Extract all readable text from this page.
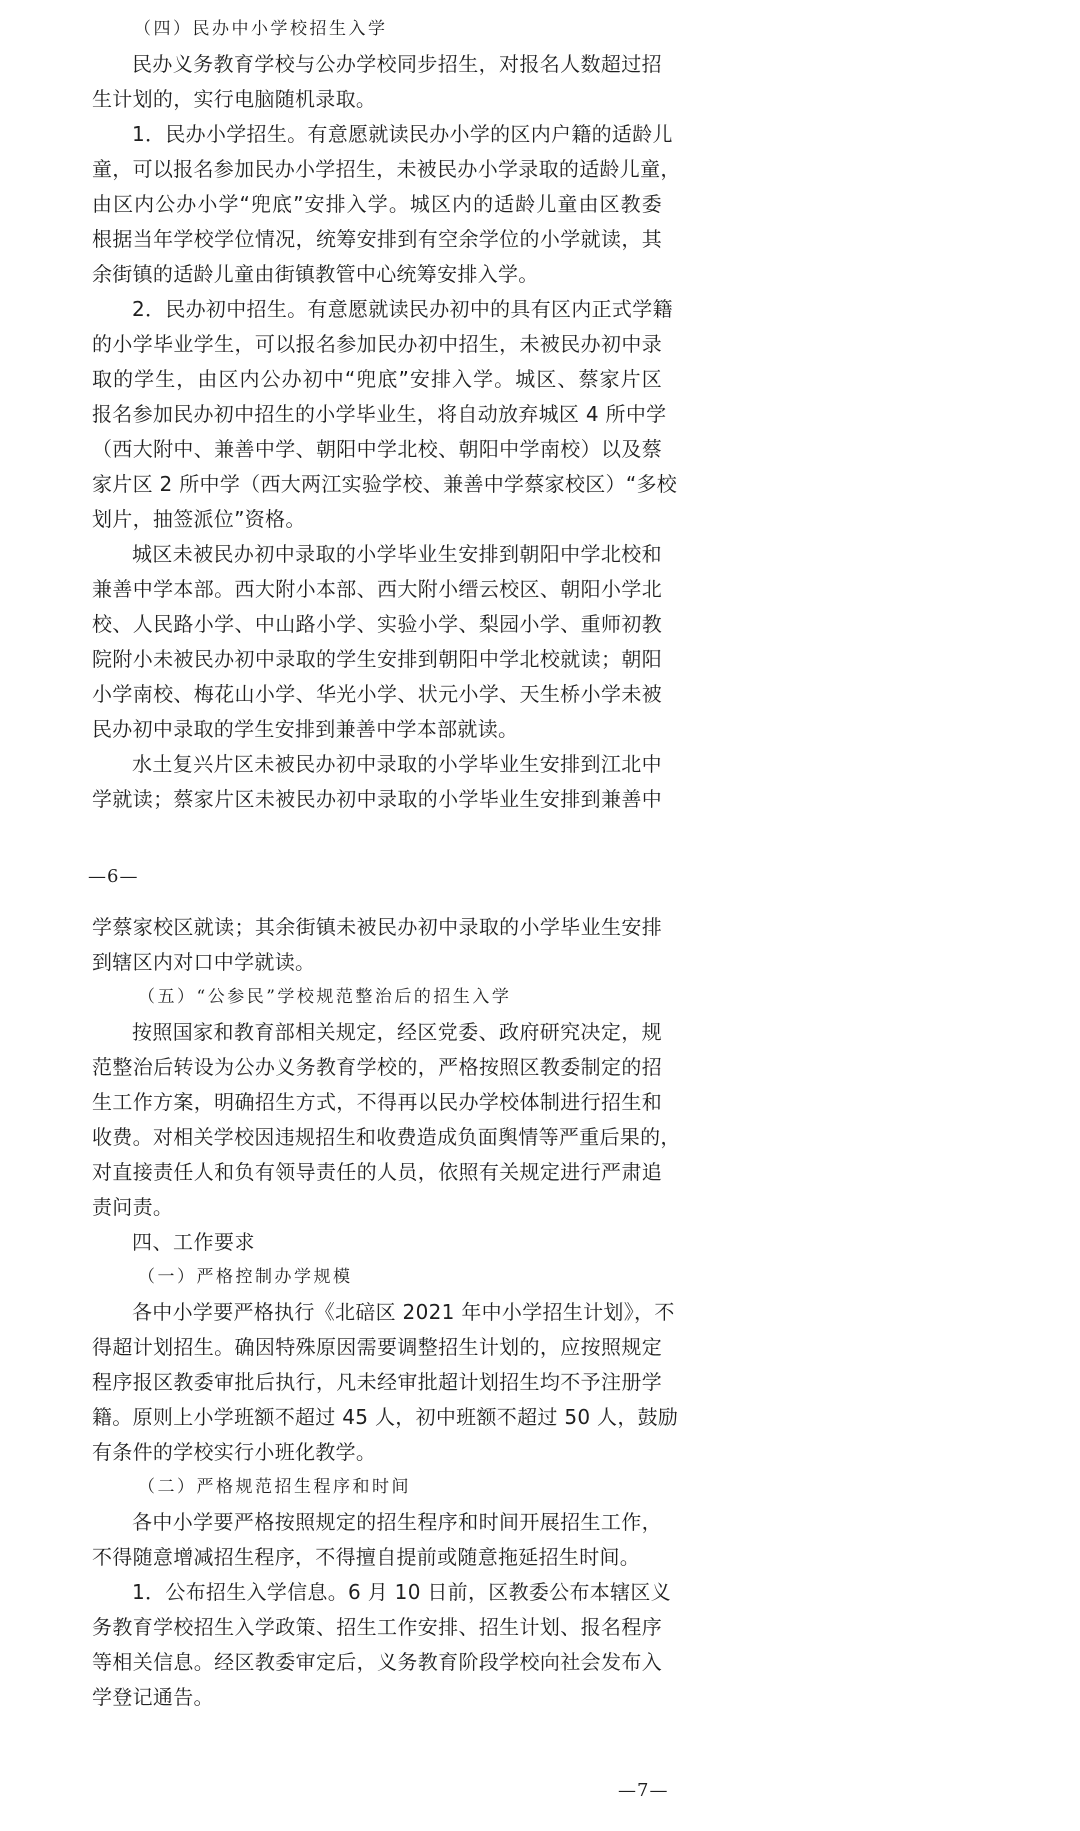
（四）民办中小学校招生入学
民办义务教育学校与公办学校同步招生，对报名人数超过招
生计划的，实行电脑随机录取。
1．民办小学招生。有意愿就读民办小学的区内户籍的适龄儿
童，可以报名参加民办小学招生，未被民办小学录取的适龄儿童，
由区内公办小学“兜底”安排入学。城区内的适龄儿童由区教委
根据当年学校学位情况，统筹安排到有空余学位的小学就读，其
余街镇的适龄儿童由街镇教管中心统筹安排入学。
2．民办初中招生。有意愿就读民办初中的具有区内正式学籍
的小学毕业学生，可以报名参加民办初中招生，未被民办初中录
取的学生，由区内公办初中“兜底”安排入学。城区、蔡家片区
报名参加民办初中招生的小学毕业生，将自动放弃城区 4 所中学
（西大附中、兼善中学、朝阳中学北校、朝阳中学南校）以及蔡
家片区 2 所中学（西大两江实验学校、兼善中学蔡家校区）“多校
划片，抽签派位”资格。
城区未被民办初中录取的小学毕业生安排到朝阳中学北校和
兼善中学本部。西大附小本部、西大附小缙云校区、朝阳小学北
校、人民路小学、中山路小学、实验小学、梨园小学、重师初教
院附小未被民办初中录取的学生安排到朝阳中学北校就读；朝阳
小学南校、梅花山小学、华光小学、状元小学、天生桥小学未被
民办初中录取的学生安排到兼善中学本部就读。
水土复兴片区未被民办初中录取的小学毕业生安排到江北中
学就读；蔡家片区未被民办初中录取的小学毕业生安排到兼善中
—6—
学蔡家校区就读；其余街镇未被民办初中录取的小学毕业生安排
到辖区内对口中学就读。
（五）“公参民”学校规范整治后的招生入学
按照国家和教育部相关规定，经区党委、政府研究决定，规
范整治后转设为公办义务教育学校的，严格按照区教委制定的招
生工作方案，明确招生方式，不得再以民办学校体制进行招生和
收费。对相关学校因违规招生和收费造成负面舆情等严重后果的，
对直接责任人和负有领导责任的人员，依照有关规定进行严肃追
责问责。
四、工作要求
（一）严格控制办学规模
各中小学要严格执行《北碚区 2021 年中小学招生计划》，不
得超计划招生。确因特殊原因需要调整招生计划的，应按照规定
程序报区教委审批后执行，凡未经审批超计划招生均不予注册学
籍。原则上小学班额不超过 45 人，初中班额不超过 50 人，鼓励
有条件的学校实行小班化教学。
（二）严格规范招生程序和时间
各中小学要严格按照规定的招生程序和时间开展招生工作，
不得随意增减招生程序，不得擅自提前或随意拖延招生时间。
1．公布招生入学信息。6 月 10 日前，区教委公布本辖区义
务教育学校招生入学政策、招生工作安排、招生计划、报名程序
等相关信息。经区教委审定后，义务教育阶段学校向社会发布入
学登记通告。
—7—
